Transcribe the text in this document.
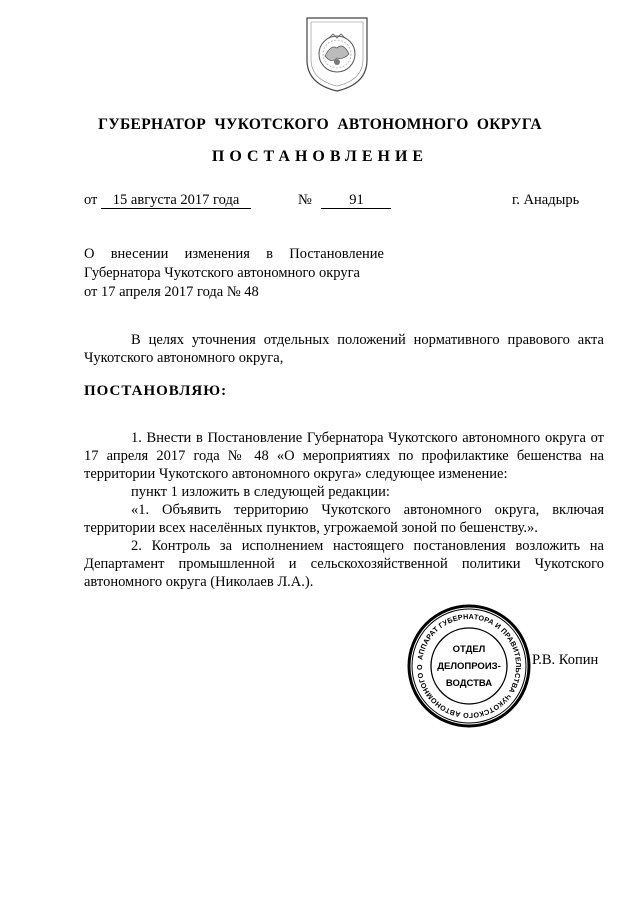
ГУБЕРНАТОР  ЧУКОТСКОГО  АВТОНОМНОГО  ОКРУГА
ПОСТАНОВЛЕНИЕ
от 15 августа 2017 года	№	91	г. Анадырь
О внесении изменения в Постановление
Губернатора Чукотского автономного округа
от 17 апреля 2017 года № 48
В целях уточнения отдельных положений нормативного правового акта Чукотского автономного округа,
ПОСТАНОВЛЯЮ:
1. Внести в Постановление Губернатора Чукотского автономного округа от 17 апреля 2017 года № 48 «О мероприятиях по профилактике бешенства на территории Чукотского автономного округа» следующее изменение:
пункт 1 изложить в следующей редакции:
«1. Объявить территорию Чукотского автономного округа, включая территории всех населённых пунктов, угрожаемой зоной по бешенству.».
2. Контроль за исполнением настоящего постановления возложить на Департамент промышленной и сельскохозяйственной политики Чукотского автономного округа (Николаев Л.А.).
АППАРАТ ГУБЕРНАТОРА И ПРАВИТЕЛЬСТВА ЧУКОТСКОГО АВТОНОМНОГО О
ОТДЕЛ
ДЕЛОПРОИЗ-
ВОДСТВА
Р.В. Копин
